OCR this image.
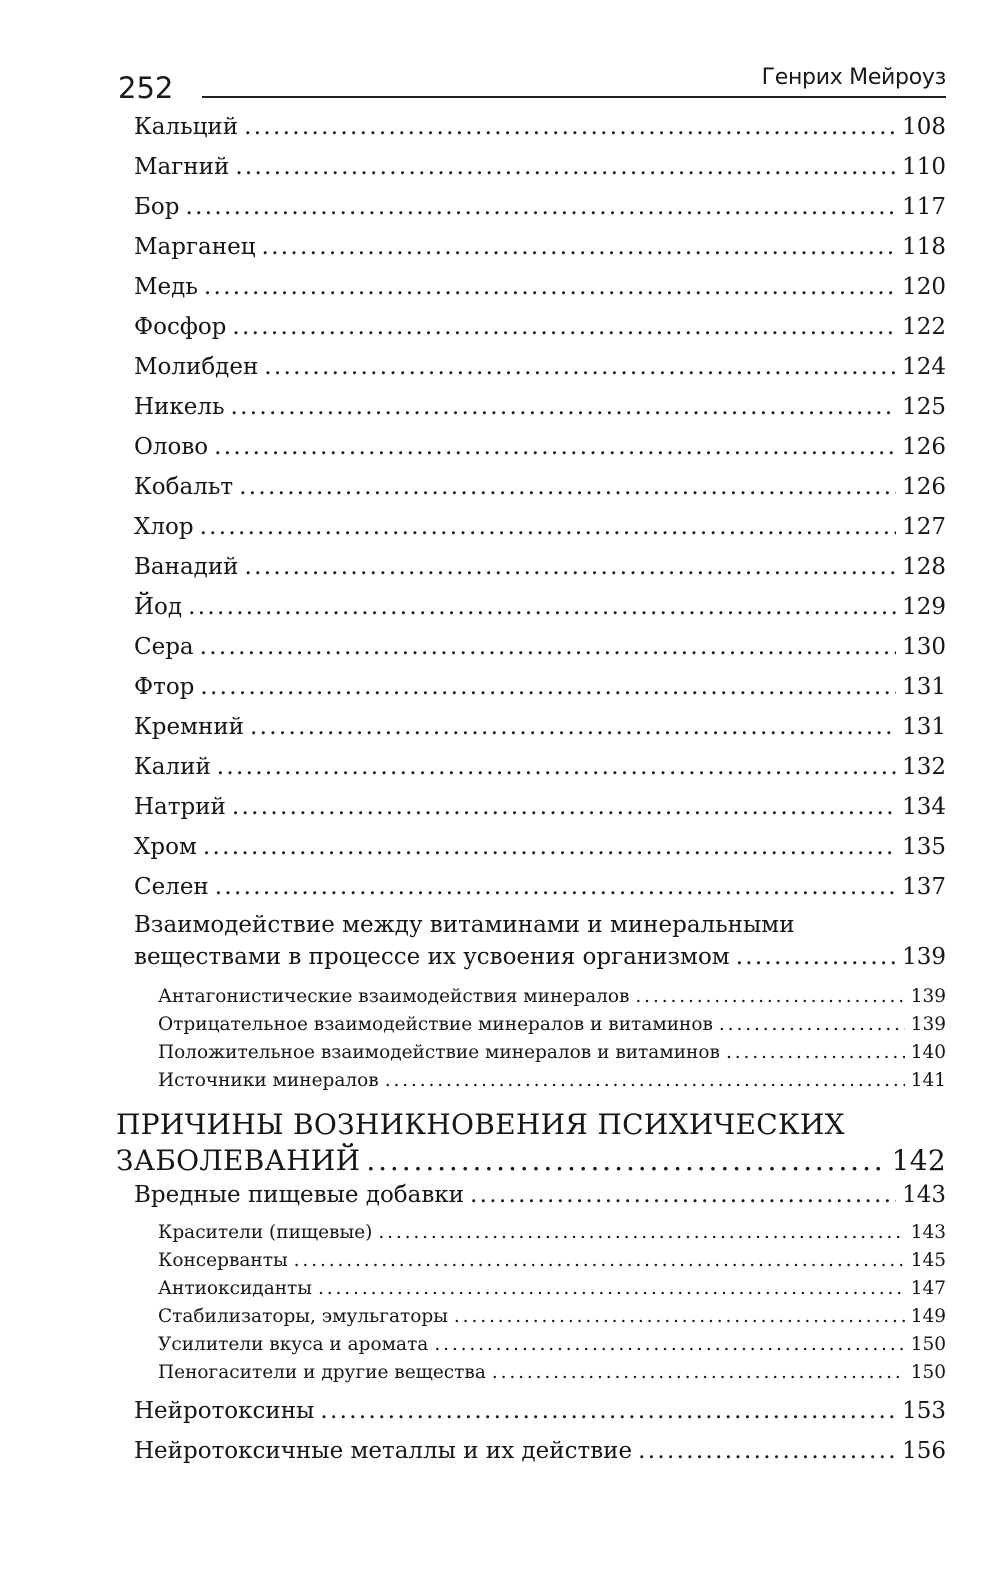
252	Генрих Мейроуз
Кальций . . .	108
Магний . . .	110
Бор . . .	117
Марганец . . .	118
Медь . . .	120
Фосфор . . .	122
Молибден . . .	124
Никель . . .	125
Олово . . .	126
Кобальт . . .	126
Хлор . . .	127
Ванадий . . .	128
Йод . . .	129
Сера . . .	130
Фтор . . .	131
Кремний . . .	131
Калий . . .	132
Натрий . . .	134
Хром . . .	135
Селен . . .	137
Взаимодействие между витаминами и минеральными
веществами в процессе их усвоения организмом . . .	139
Антагонистические взаимодействия минералов . . .	139
Отрицательное взаимодействие минералов и витаминов . . .	139
Положительное взаимодействие минералов и витаминов . . .	140
Источники минералов . . .	141
ПРИЧИНЫ ВОЗНИКНОВЕНИЯ ПСИХИЧЕСКИХ
ЗАБОЛЕВАНИЙ . . .	142
Вредные пищевые добавки . . .	143
Красители (пищевые) . . .	143
Консерванты . . .	145
Антиоксиданты . . .	147
Стабилизаторы, эмульгаторы . . .	149
Усилители вкуса и аромата . . .	150
Пеногасители и другие вещества . . .	150
Нейротоксины . . .	153
Нейротоксичные металлы и их действие . . .	156
